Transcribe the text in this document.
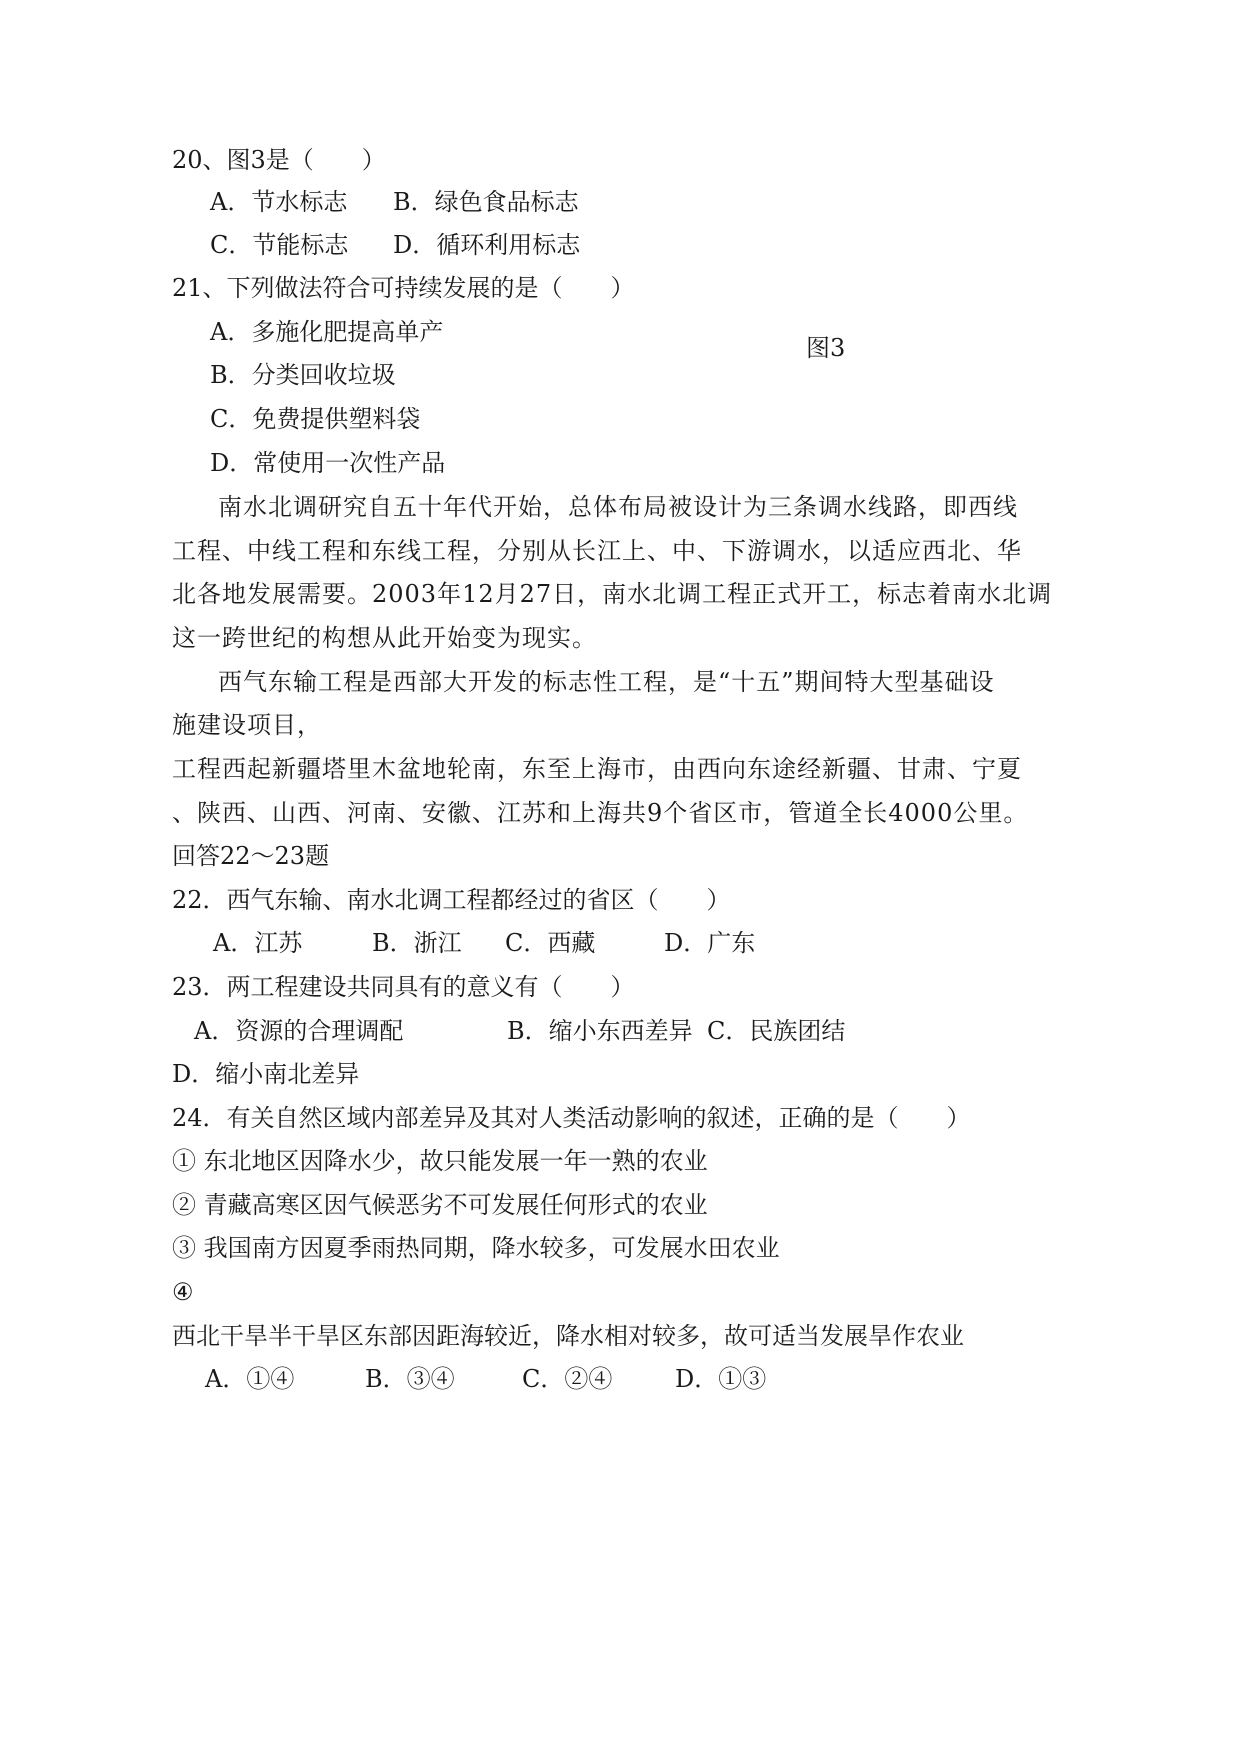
20、图3是（　　）
A．节水标志 B．绿色食品标志
C．节能标志 D．循环利用标志
21、下列做法符合可持续发展的是（　　）
A．多施化肥提高单产
图3
B．分类回收垃圾
C．免费提供塑料袋
D．常使用一次性产品
南水北调研究自五十年代开始，总体布局被设计为三条调水线路，即西线
工程、中线工程和东线工程，分别从长江上、中、下游调水，以适应西北、华
北各地发展需要。2003年12月27日，南水北调工程正式开工，标志着南水北调
这一跨世纪的构想从此开始变为现实。
西气东输工程是西部大开发的标志性工程，是“十五”期间特大型基础设
施建设项目，
工程西起新疆塔里木盆地轮南，东至上海市，由西向东途经新疆、甘肃、宁夏
、陕西、山西、河南、安徽、江苏和上海共9个省区市，管道全长4000公里。
回答22～23题
22．西气东输、南水北调工程都经过的省区（　　）
A．江苏	B．浙江 C．西藏	D．广东
23．两工程建设共同具有的意义有（　　）
A．资源的合理调配	B．缩小东西差异 C．民族团结
D．缩小南北差异
24．有关自然区域内部差异及其对人类活动影响的叙述，正确的是（　　）
① 东北地区因降水少，故只能发展一年一熟的农业
② 青藏高寒区因气候恶劣不可发展任何形式的农业
③ 我国南方因夏季雨热同期，降水较多，可发展水田农业
④
西北干旱半干旱区东部因距海较近，降水相对较多，故可适当发展旱作农业
A．①④	B．③④	C．②④	D．①③
